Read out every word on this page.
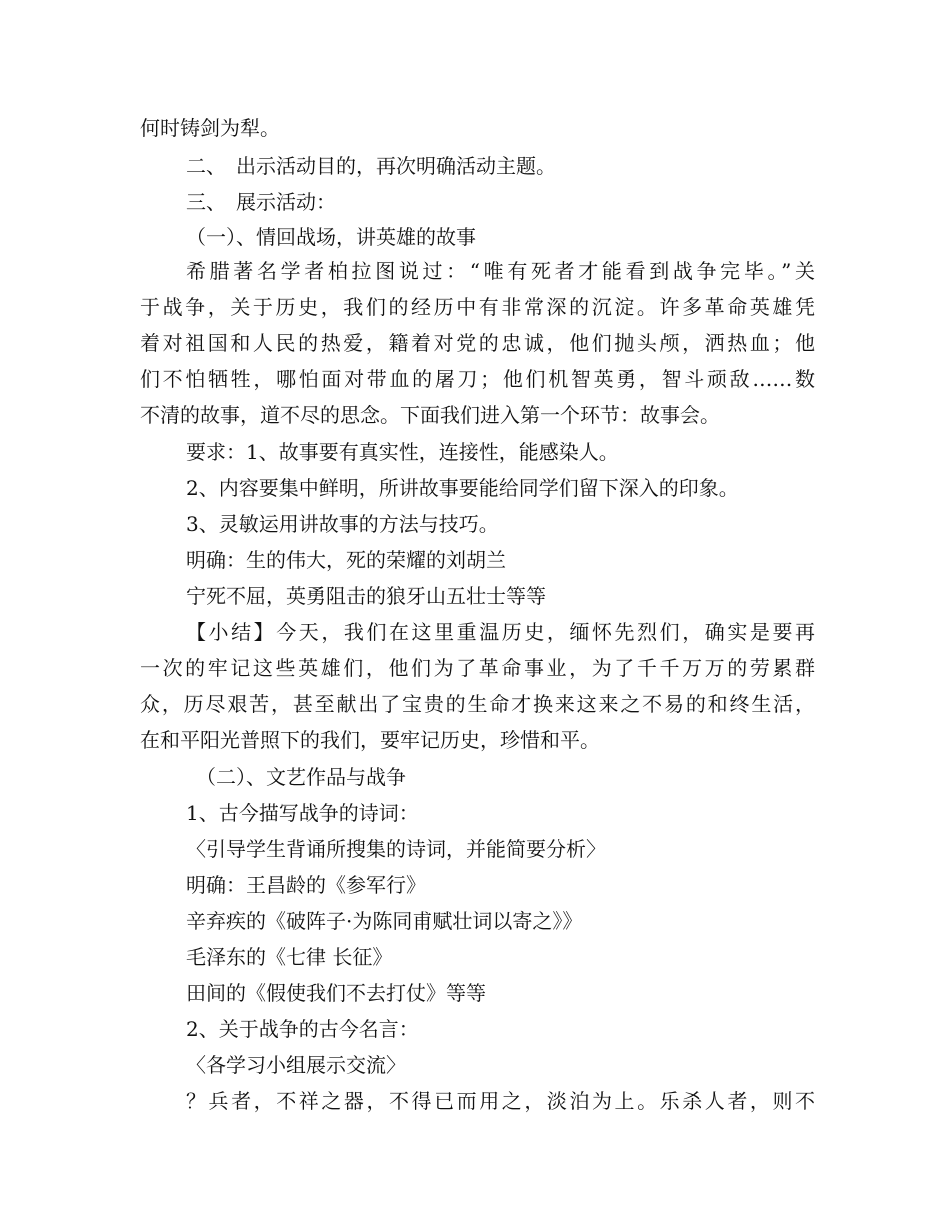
何时铸剑为犁。
二、　出示活动目的，再次明确活动主题。
三、　展示活动：
（一）、情回战场，讲英雄的故事
希腊著名学者柏拉图说过：“唯有死者才能看到战争完毕。”关
于战争，关于历史，我们的经历中有非常深的沉淀。许多革命英雄凭
着对祖国和人民的热爱，籍着对党的忠诚，他们抛头颅，洒热血；他
们不怕牺牲，哪怕面对带血的屠刀；他们机智英勇，智斗顽敌……数
不清的故事，道不尽的思念。下面我们进入第一个环节：故事会。
要求：1、故事要有真实性，连接性，能感染人。
2、内容要集中鲜明，所讲故事要能给同学们留下深入的印象。
3、灵敏运用讲故事的方法与技巧。
明确：生的伟大，死的荣耀的刘胡兰
宁死不屈，英勇阻击的狼牙山五壮士等等
【小结】今天，我们在这里重温历史，缅怀先烈们，确实是要再
一次的牢记这些英雄们，他们为了革命事业，为了千千万万的劳累群
众，历尽艰苦，甚至献出了宝贵的生命才换来这来之不易的和终生活，
在和平阳光普照下的我们，要牢记历史，珍惜和平。
（二）、文艺作品与战争
1、古今描写战争的诗词：
〈引导学生背诵所搜集的诗词，并能简要分析〉
明确：王昌龄的《参军行》
辛弃疾的《破阵子·为陈同甫赋壮词以寄之》》
毛泽东的《七律 长征》
田间的《假使我们不去打仗》等等
2、关于战争的古今名言：
〈各学习小组展示交流〉
？兵者，不祥之器，不得已而用之，淡泊为上。乐杀人者，则不
